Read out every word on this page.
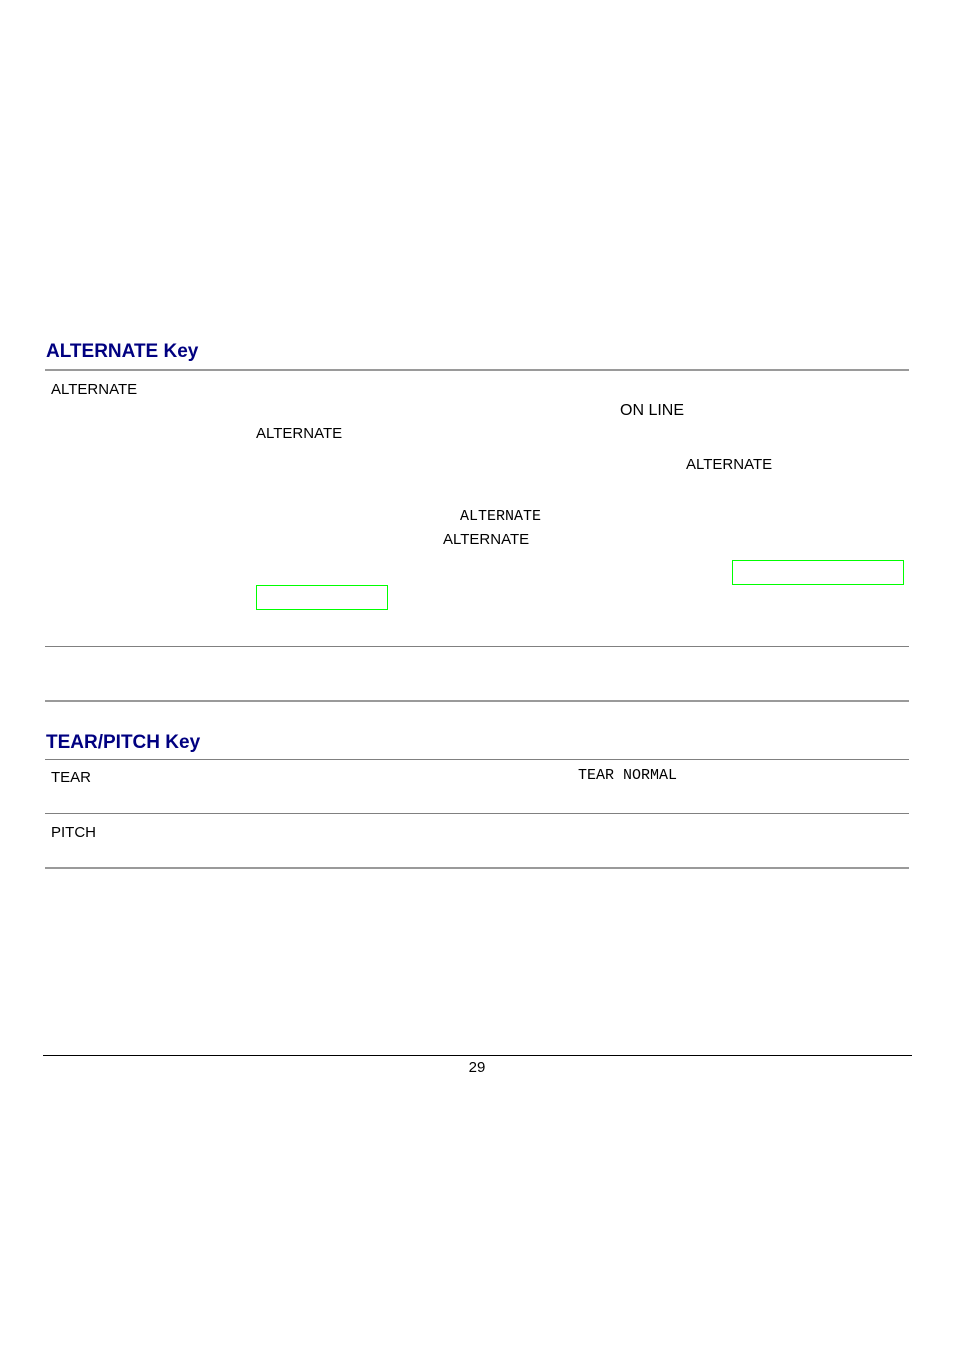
ALTERNATE Key
ALTERNATE
ON LINE
ALTERNATE
ALTERNATE
ALTERNATE
ALTERNATE
TEAR/PITCH Key
TEAR	TEAR NORMAL
PITCH
29
